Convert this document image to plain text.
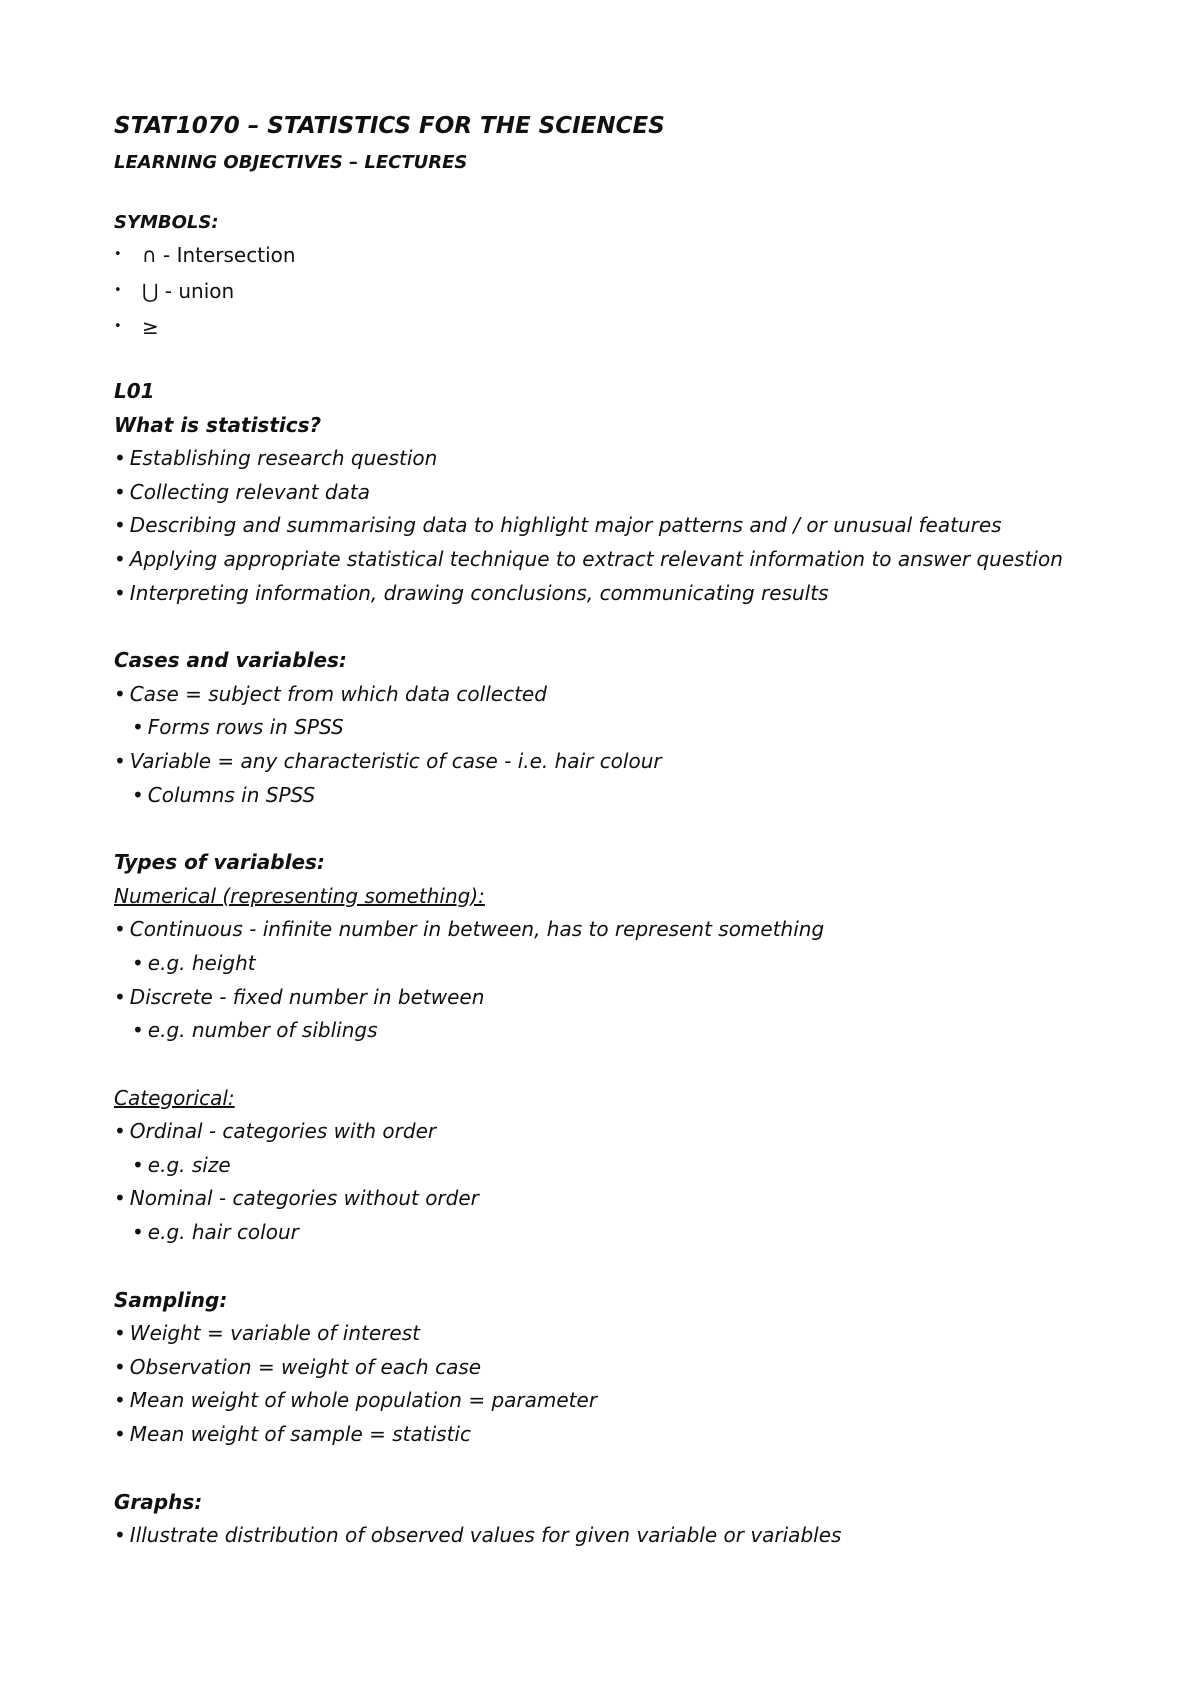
STAT1070 – STATISTICS FOR THE SCIENCES
LEARNING OBJECTIVES – LECTURES
SYMBOLS:
•	∩ - Intersection
•	⋃ - union
•	≥
L01
What is statistics?
• Establishing research question
• Collecting relevant data
• Describing and summarising data to highlight major patterns and / or unusual features
• Applying appropriate statistical technique to extract relevant information to answer question
• Interpreting information, drawing conclusions, communicating results
Cases and variables:
• Case = subject from which data collected
• Forms rows in SPSS
• Variable = any characteristic of case - i.e. hair colour
• Columns in SPSS
Types of variables:
Numerical (representing something):
• Continuous - infinite number in between, has to represent something
• e.g. height
• Discrete - fixed number in between
• e.g. number of siblings
Categorical:
• Ordinal - categories with order
• e.g. size
• Nominal - categories without order
• e.g. hair colour
Sampling:
• Weight = variable of interest
• Observation = weight of each case
• Mean weight of whole population = parameter
• Mean weight of sample = statistic
Graphs:
• Illustrate distribution of observed values for given variable or variables
